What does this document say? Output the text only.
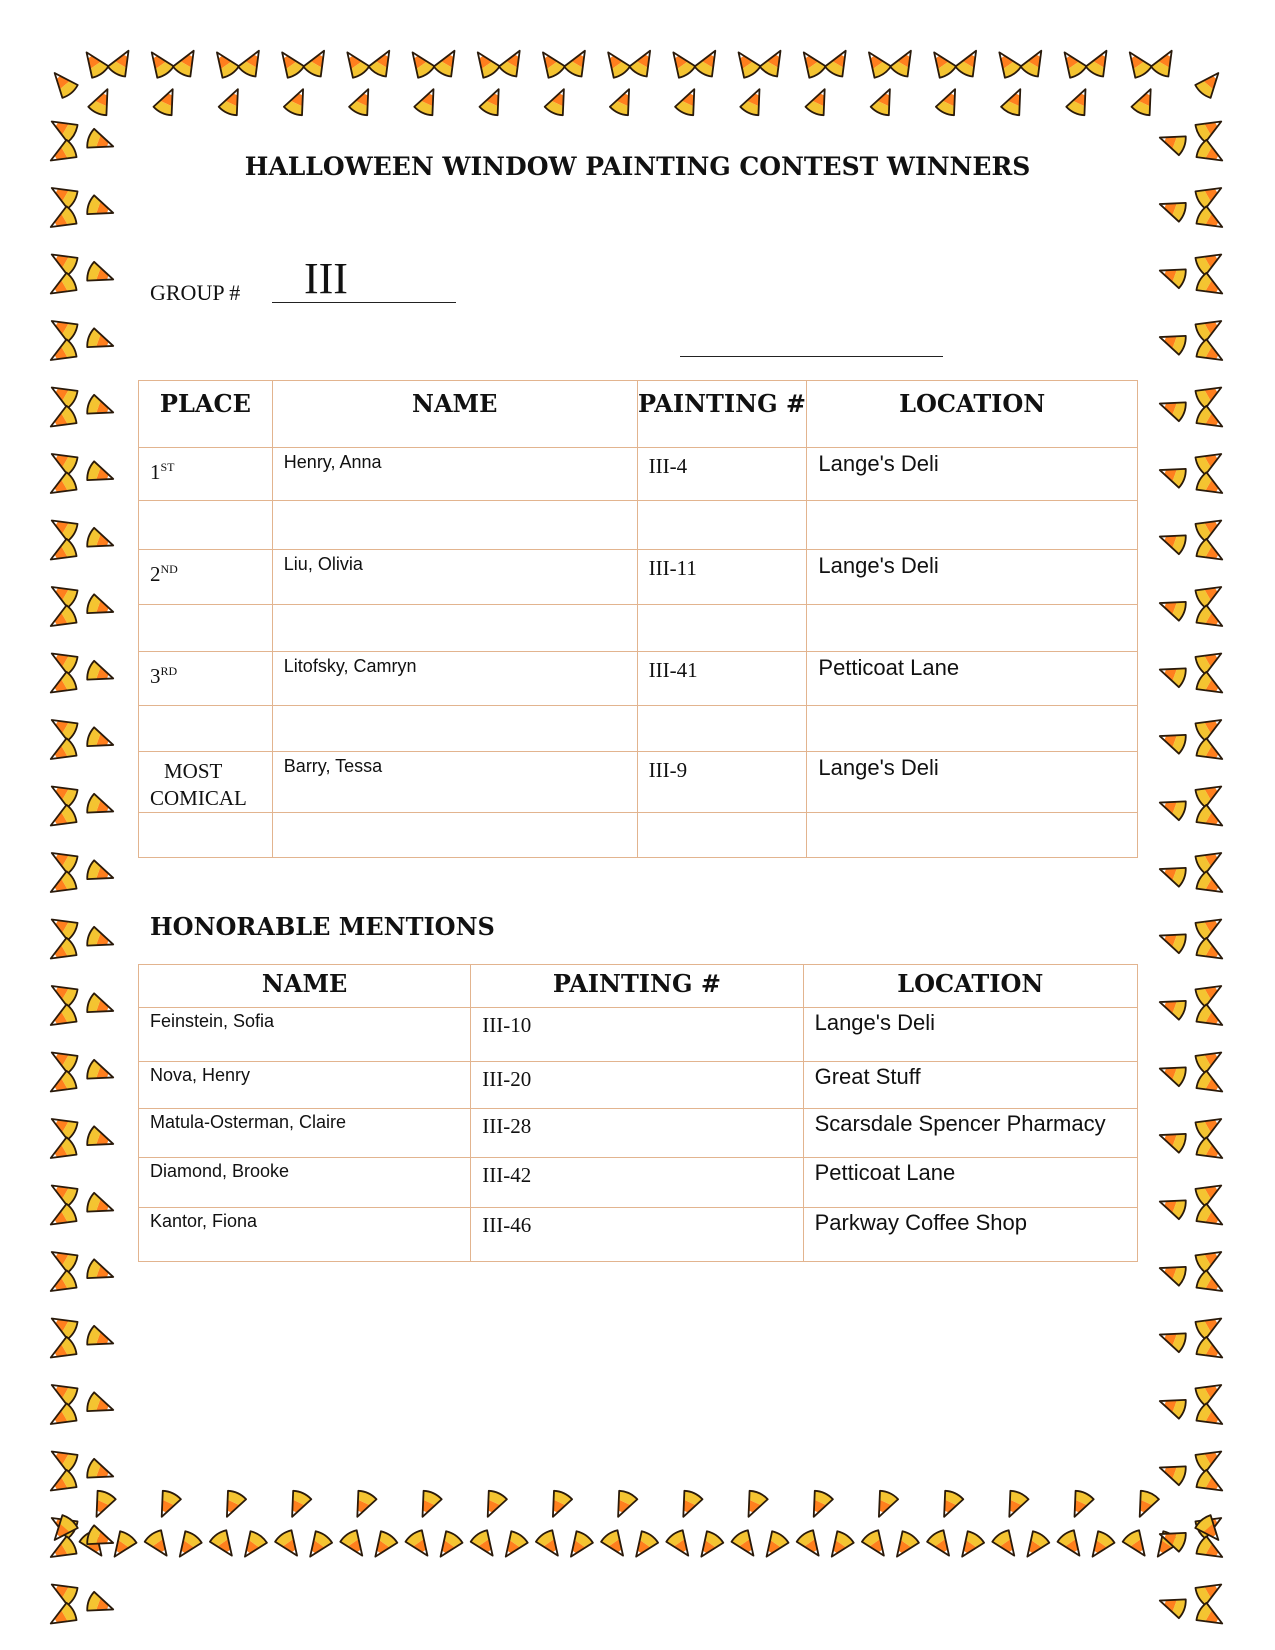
HALLOWEEN WINDOW PAINTING CONTEST WINNERS
GROUP # III
PLACE	NAME	PAINTING #	LOCATION
1ST	Henry, Anna	III-4	Lange's Deli

2ND	Liu, Olivia	III-11	Lange's Deli

3RD	Litofsky, Camryn	III-41	Petticoat Lane

MOST
COMICAL	Barry, Tessa	III-9	Lange's Deli

HONORABLE MENTIONS
NAME	PAINTING #	LOCATION
Feinstein, Sofia	III-10	Lange's Deli
Nova, Henry	III-20	Great Stuff
Matula-Osterman, Claire	III-28	Scarsdale Spencer Pharmacy
Diamond, Brooke	III-42	Petticoat Lane
Kantor, Fiona	III-46	Parkway Coffee Shop
